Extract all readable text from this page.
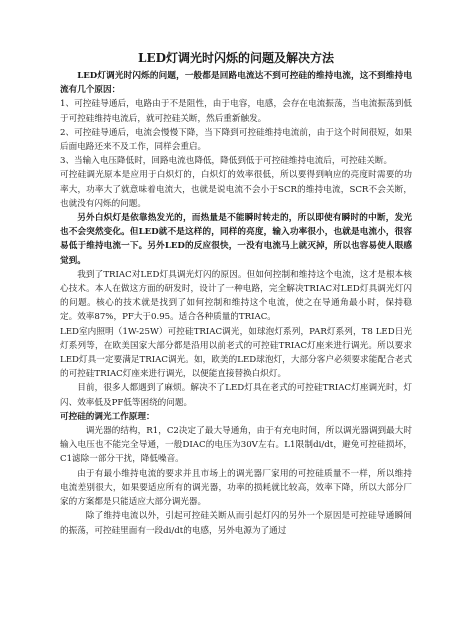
LED灯调光时闪烁的问题及解决方法

LED灯调光时闪烁的问题，一般都是回路电流达不到可控硅的维持电流，这不到维持电流有几个原因：

1、可控硅导通后，电路由于不是阻性，由于电容，电感，会存在电流振荡，当电流振荡到低于可控硅维持电流后，就可控硅关断，然后重新触发。

2、可控硅导通后，电流会慢慢下降，当下降到可控硅维持电流前，由于这个时间很短，如果后面电路还来不及工作，同样会重启。

3、当输入电压降低时，回路电流也降低，降低到低于可控硅维持电流后，可控硅关断。

可控硅调光原本是应用于白炽灯的，白炽灯的效率很低，所以要得到响应的亮度时需要的功率大，功率大了就意味着电流大，也就是说电流不会小于SCR的维持电流，SCR不会关断，也就没有闪烁的问题。

另外白炽灯是依靠热发光的，而热量是不能瞬时转走的，所以即使有瞬时的中断，发光也不会突然变化。但LED就不是这样的，同样的亮度，输入功率很小，也就是电流小，很容易低于维持电流一下。另外LED的反应很快，一没有电流马上就灭掉，所以也容易使人眼感觉到。

我到了TRIAC对LED灯具调光灯闪的原因。但如何控制和维持这个电流，这才是根本核心技术。本人在做这方面的研发时，设计了一种电路，完全解决TRIAC对LED灯具调光灯闪的问题。核心的技术就是找到了如何控制和维持这个电流，使之在导通角最小时，保持稳定。效率87%，PF大于0.95。适合各种质量的TRIAC。

LED室内照明（1W-25W）可控硅TRIAC调光，如球泡灯系列，PAR灯系列，T8 LED日光灯系列等，在欧美国家大部分都是沿用以前老式的可控硅TRIAC灯座来进行调光。所以要求LED灯具一定要满足TRIAC调光。如，欧美的LED球泡灯，大部分客户必须要求能配合老式的可控硅TRIAC灯座来进行调光，以便能直接替换白炽灯。

目前，很多人都遇到了麻烦。解决不了LED灯具在老式的可控硅TRIAC灯座调光时，灯闪、效率低及PF低等困绕的问题。

可控硅的调光工作原理：

调光器的结构，R1，C2决定了最大导通角，由于有充电时间，所以调光器调到最大时输入电压也不能完全导通，一般DIAC的电压为30V左右。L1限制di/dt，避免可控硅损坏，C1滤除一部分干扰，降低噪音。

由于有最小维持电流的要求并且市场上的调光器厂家用的可控硅质量不一样，所以维持电流差别很大，如果要适应所有的调光器，功率的损耗就比较高，效率下降，所以大部分厂家的方案都是只能适应大部分调光器。

除了维持电流以外，引起可控硅关断从而引起灯闪的另外一个原因是可控硅导通瞬间的振荡，可控硅里面有一段di/dt的电感，另外电源为了通过
